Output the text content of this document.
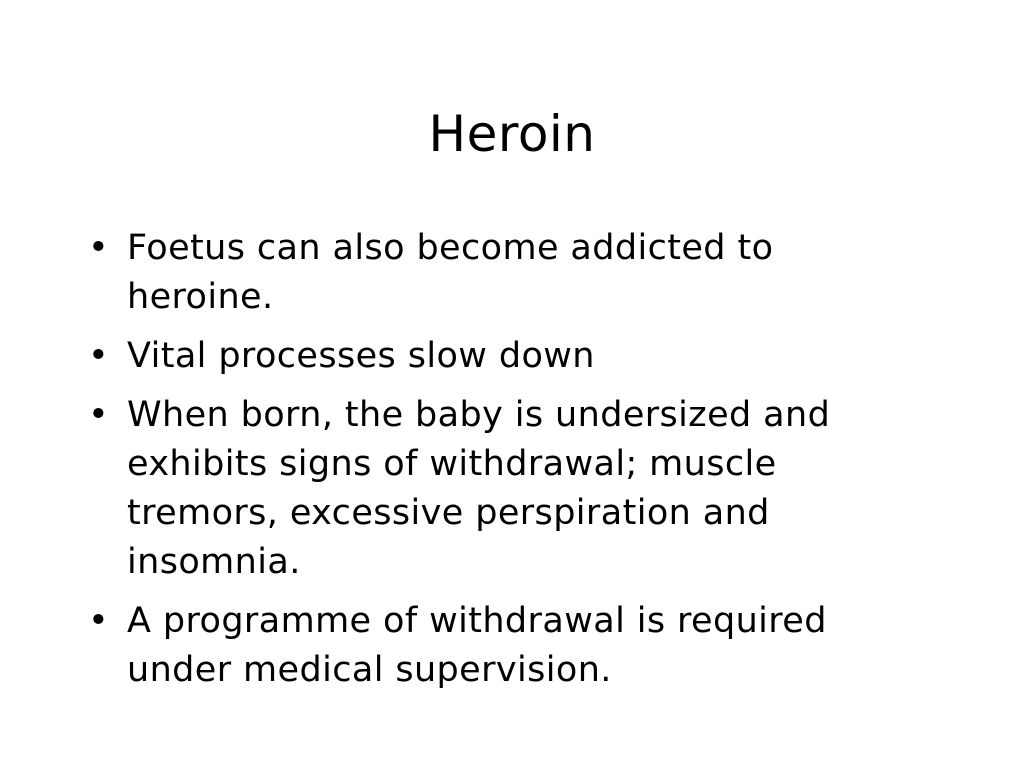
Heroin
• Foetus can also become addicted to heroine.
• Vital processes slow down
• When born, the baby is undersized and exhibits signs of withdrawal; muscle tremors, excessive perspiration and insomnia.
• A programme of withdrawal is required under medical supervision.
